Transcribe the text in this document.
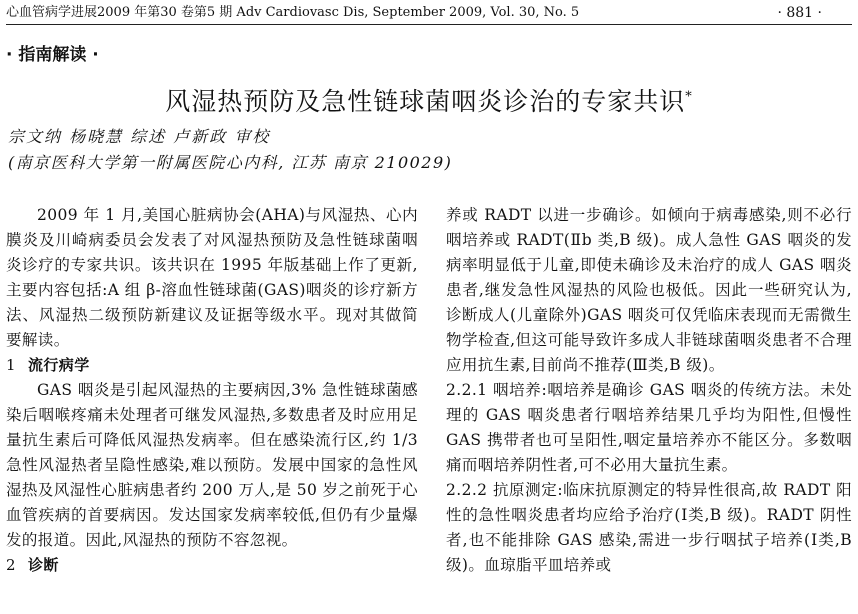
心血管病学进展2009 年第30 卷第5 期 Adv Cardiovasc Dis, September 2009, Vol. 30, No. 5	· 881 ·
· 指南解读 ·
风湿热预防及急性链球菌咽炎诊治的专家共识*
宗文纳 杨晓慧 综述 卢新政 审校
(南京医科大学第一附属医院心内科, 江苏 南京 210029)

2009 年 1 月,美国心脏病协会(AHA)与风湿热、心内膜炎及川崎病委员会发表了对风湿热预防及急性链球菌咽炎诊疗的专家共识。该共识在 1995 年版基础上作了更新,主要内容包括:A 组 β-溶血性链球菌(GAS)咽炎的诊疗新方法、风湿热二级预防新建议及证据等级水平。现对其做简要解读。

1 流行病学

GAS 咽炎是引起风湿热的主要病因,3% 急性链球菌感染后咽喉疼痛未处理者可继发风湿热,多数患者及时应用足量抗生素后可降低风湿热发病率。但在感染流行区,约 1/3 急性风湿热者呈隐性感染,难以预防。发展中国家的急性风湿热及风湿性心脏病患者约 200 万人,是 50 岁之前死于心血管疾病的首要病因。发达国家发病率较低,但仍有少量爆发的报道。因此,风湿热的预防不容忽视。

2 诊断

养或 RADT 以进一步确诊。如倾向于病毒感染,则不必行咽培养或 RADT(Ⅱb 类,B 级)。成人急性 GAS 咽炎的发病率明显低于儿童,即使未确诊及未治疗的成人 GAS 咽炎患者,继发急性风湿热的风险也极低。因此一些研究认为,诊断成人(儿童除外)GAS 咽炎可仅凭临床表现而无需微生物学检查,但这可能导致许多成人非链球菌咽炎患者不合理应用抗生素,目前尚不推荐(Ⅲ类,B 级)。

2.2.1 咽培养:咽培养是确诊 GAS 咽炎的传统方法。未处理的 GAS 咽炎患者行咽培养结果几乎均为阳性,但慢性 GAS 携带者也可呈阳性,咽定量培养亦不能区分。多数咽痛而咽培养阴性者,可不必用大量抗生素。

2.2.2 抗原测定:临床抗原测定的特异性很高,故 RADT 阳性的急性咽炎患者均应给予治疗(Ⅰ类,B 级)。RADT 阴性者,也不能排除 GAS 感染,需进一步行咽拭子培养(Ⅰ类,B 级)。血琼脂平皿培养或
